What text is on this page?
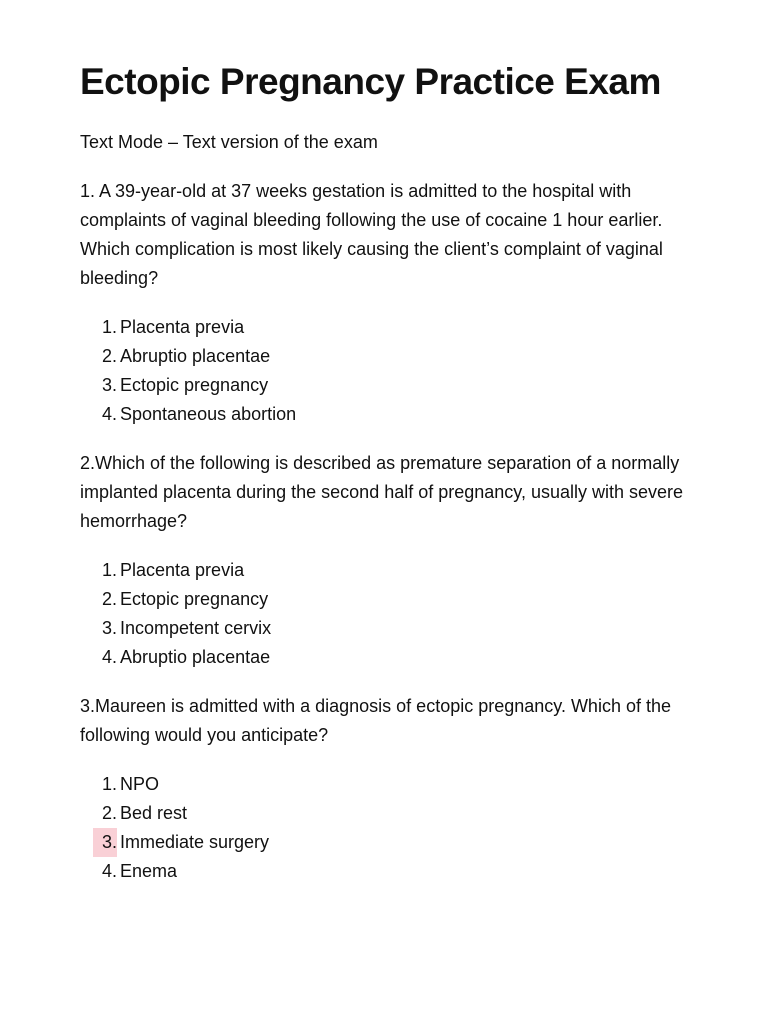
Ectopic Pregnancy Practice Exam

Text Mode – Text version of the exam

1. A 39-year-old at 37 weeks gestation is admitted to the hospital with complaints of vaginal bleeding following the use of cocaine 1 hour earlier. Which complication is most likely causing the client’s complaint of vaginal bleeding?

1. Placenta previa
2. Abruptio placentae
3. Ectopic pregnancy
4. Spontaneous abortion

2.Which of the following is described as premature separation of a normally implanted placenta during the second half of pregnancy, usually with severe hemorrhage?

1. Placenta previa
2. Ectopic pregnancy
3. Incompetent cervix
4. Abruptio placentae

3.Maureen is admitted with a diagnosis of ectopic pregnancy. Which of the following would you anticipate?

1. NPO
2. Bed rest
3. Immediate surgery
4. Enema
